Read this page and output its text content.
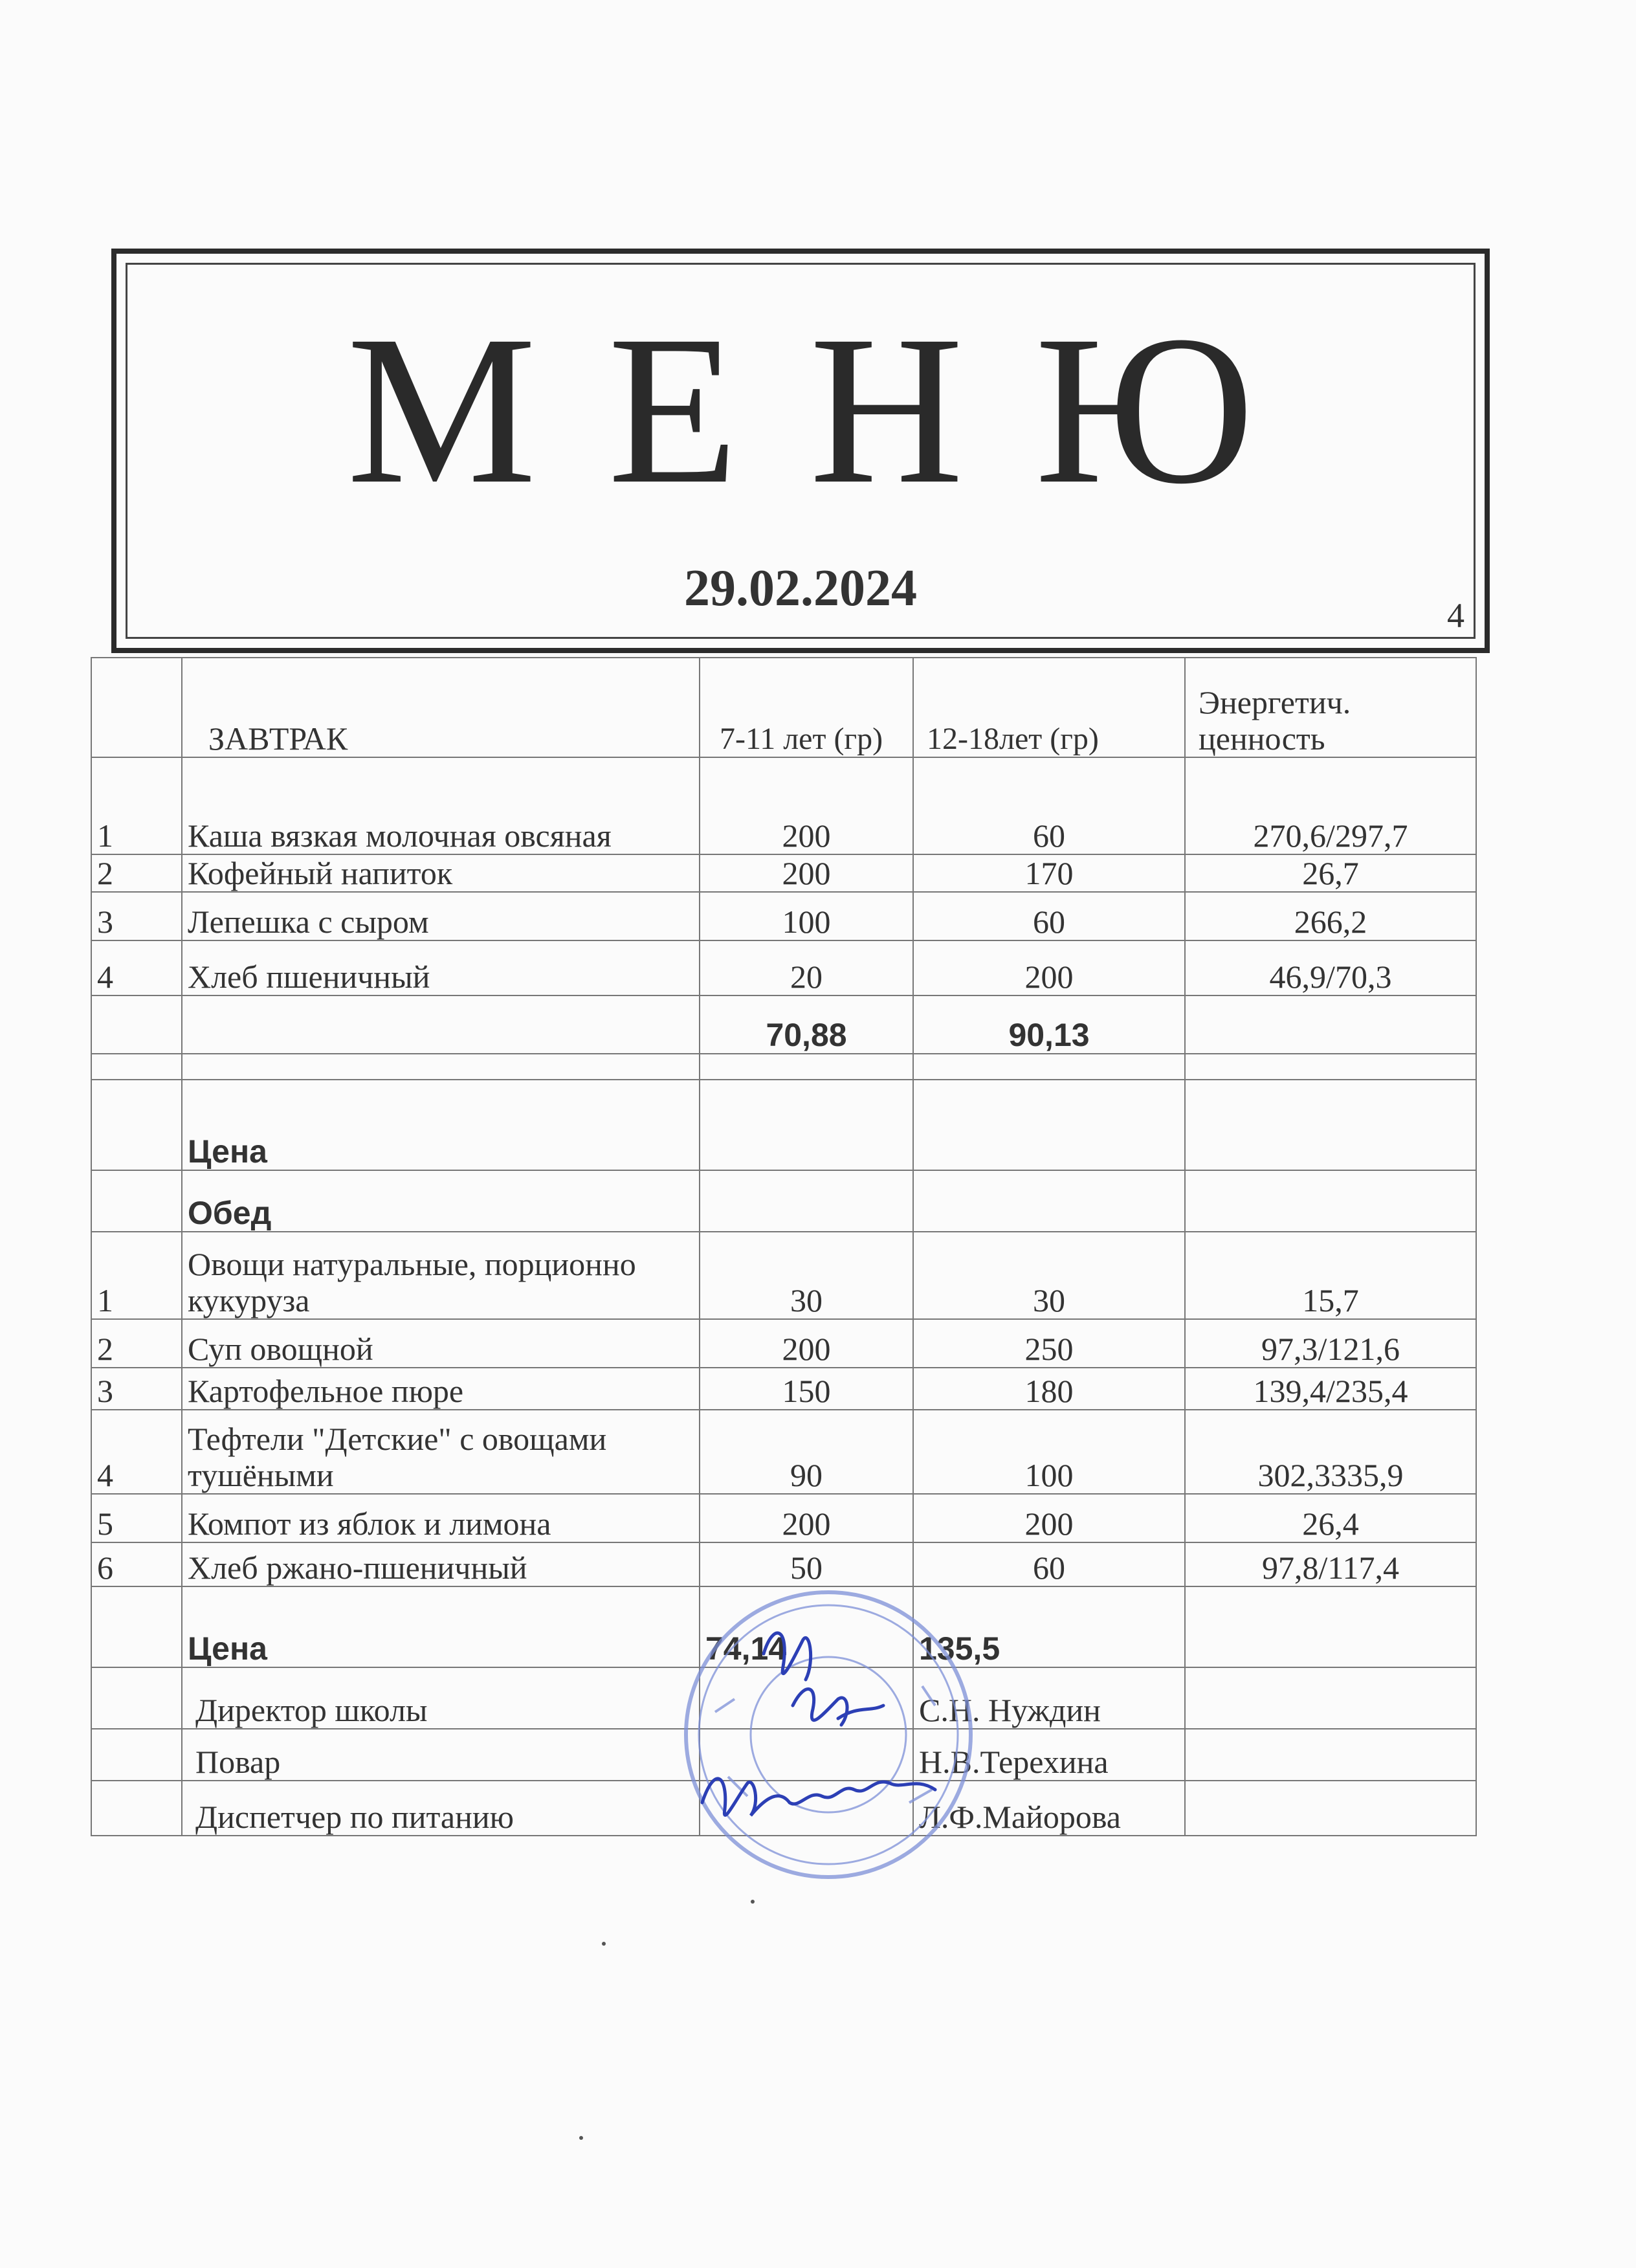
М Е Н Ю
29.02.2024	4
	ЗАВТРАК	7-11 лет (гр)	12-18лет (гр)	Энергетич. ценность
1	Каша вязкая молочная овсяная	200	60	270,6/297,7
2	Кофейный напиток	200	170	26,7
3	Лепешка с сыром	100	60	266,2
4	Хлеб пшеничный	20	200	46,9/70,3
		70,88	90,13	

	Цена			
	Обед			
1	Овощи натуральные, порционно кукуруза	30	30	15,7
2	Суп овощной	200	250	97,3/121,6
3	Картофельное пюре	150	180	139,4/235,4
4	Тефтели "Детские" с овощами тушёными	90	100	302,3335,9
5	Компот из яблок и лимона	200	200	26,4
6	Хлеб ржано-пшеничный	50	60	97,8/117,4
	Цена	74,14	135,5	
	Директор школы		С.Н. Нуждин	
	Повар		Н.В.Терехина	
	Диспетчер по питанию		Л.Ф.Майорова	
